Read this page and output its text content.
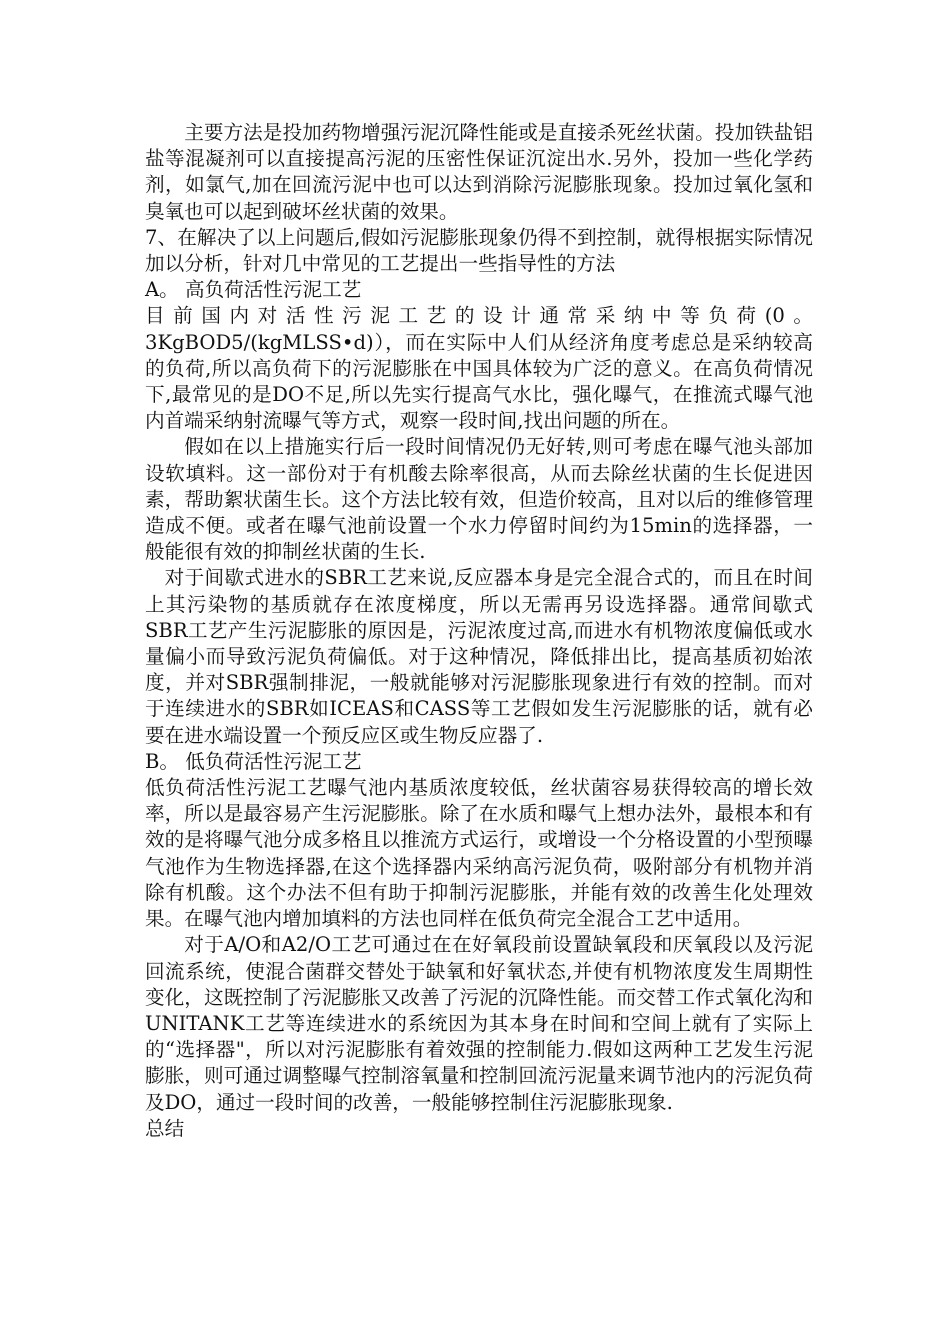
主要方法是投加药物增强污泥沉降性能或是直接杀死丝状菌。投加铁盐铝盐等混凝剂可以直接提高污泥的压密性保证沉淀出水.另外，投加一些化学药剂，如氯气,加在回流污泥中也可以达到消除污泥膨胀现象。投加过氧化氢和臭氧也可以起到破坏丝状菌的效果。

7、在解决了以上问题后,假如污泥膨胀现象仍得不到控制，就得根据实际情况加以分析，针对几中常见的工艺提出一些指导性的方法

A。 高负荷活性污泥工艺

目前国内对活性污泥工艺的设计通常采纳中等负荷(0。3KgBOD5/(kgMLSS•d)），而在实际中人们从经济角度考虑总是采纳较高的负荷,所以高负荷下的污泥膨胀在中国具体较为广泛的意义。在高负荷情况下,最常见的是DO不足,所以先实行提高气水比，强化曝气，在推流式曝气池内首端采纳射流曝气等方式，观察一段时间,找出问题的所在。

假如在以上措施实行后一段时间情况仍无好转,则可考虑在曝气池头部加设软填料。这一部份对于有机酸去除率很高，从而去除丝状菌的生长促进因素，帮助絮状菌生长。这个方法比较有效，但造价较高，且对以后的维修管理造成不便。或者在曝气池前设置一个水力停留时间约为15min的选择器，一般能很有效的抑制丝状菌的生长.

对于间歇式进水的SBR工艺来说,反应器本身是完全混合式的，而且在时间上其污染物的基质就存在浓度梯度，所以无需再另设选择器。通常间歇式SBR工艺产生污泥膨胀的原因是，污泥浓度过高,而进水有机物浓度偏低或水量偏小而导致污泥负荷偏低。对于这种情况，降低排出比，提高基质初始浓度，并对SBR强制排泥，一般就能够对污泥膨胀现象进行有效的控制。而对于连续进水的SBR如ICEAS和CASS等工艺假如发生污泥膨胀的话，就有必要在进水端设置一个预反应区或生物反应器了.

B。 低负荷活性污泥工艺

低负荷活性污泥工艺曝气池内基质浓度较低，丝状菌容易获得较高的增长效率，所以是最容易产生污泥膨胀。除了在水质和曝气上想办法外，最根本和有效的是将曝气池分成多格且以推流方式运行，或增设一个分格设置的小型预曝气池作为生物选择器,在这个选择器内采纳高污泥负荷，吸附部分有机物并消除有机酸。这个办法不但有助于抑制污泥膨胀，并能有效的改善生化处理效果。在曝气池内增加填料的方法也同样在低负荷完全混合工艺中适用。

对于A/O和A2/O工艺可通过在在好氧段前设置缺氧段和厌氧段以及污泥回流系统，使混合菌群交替处于缺氧和好氧状态,并使有机物浓度发生周期性变化，这既控制了污泥膨胀又改善了污泥的沉降性能。而交替工作式氧化沟和UNITANK工艺等连续进水的系统因为其本身在时间和空间上就有了实际上的“选择器"，所以对污泥膨胀有着效强的控制能力.假如这两种工艺发生污泥膨胀，则可通过调整曝气控制溶氧量和控制回流污泥量来调节池内的污泥负荷及DO，通过一段时间的改善，一般能够控制住污泥膨胀现象.

总结
